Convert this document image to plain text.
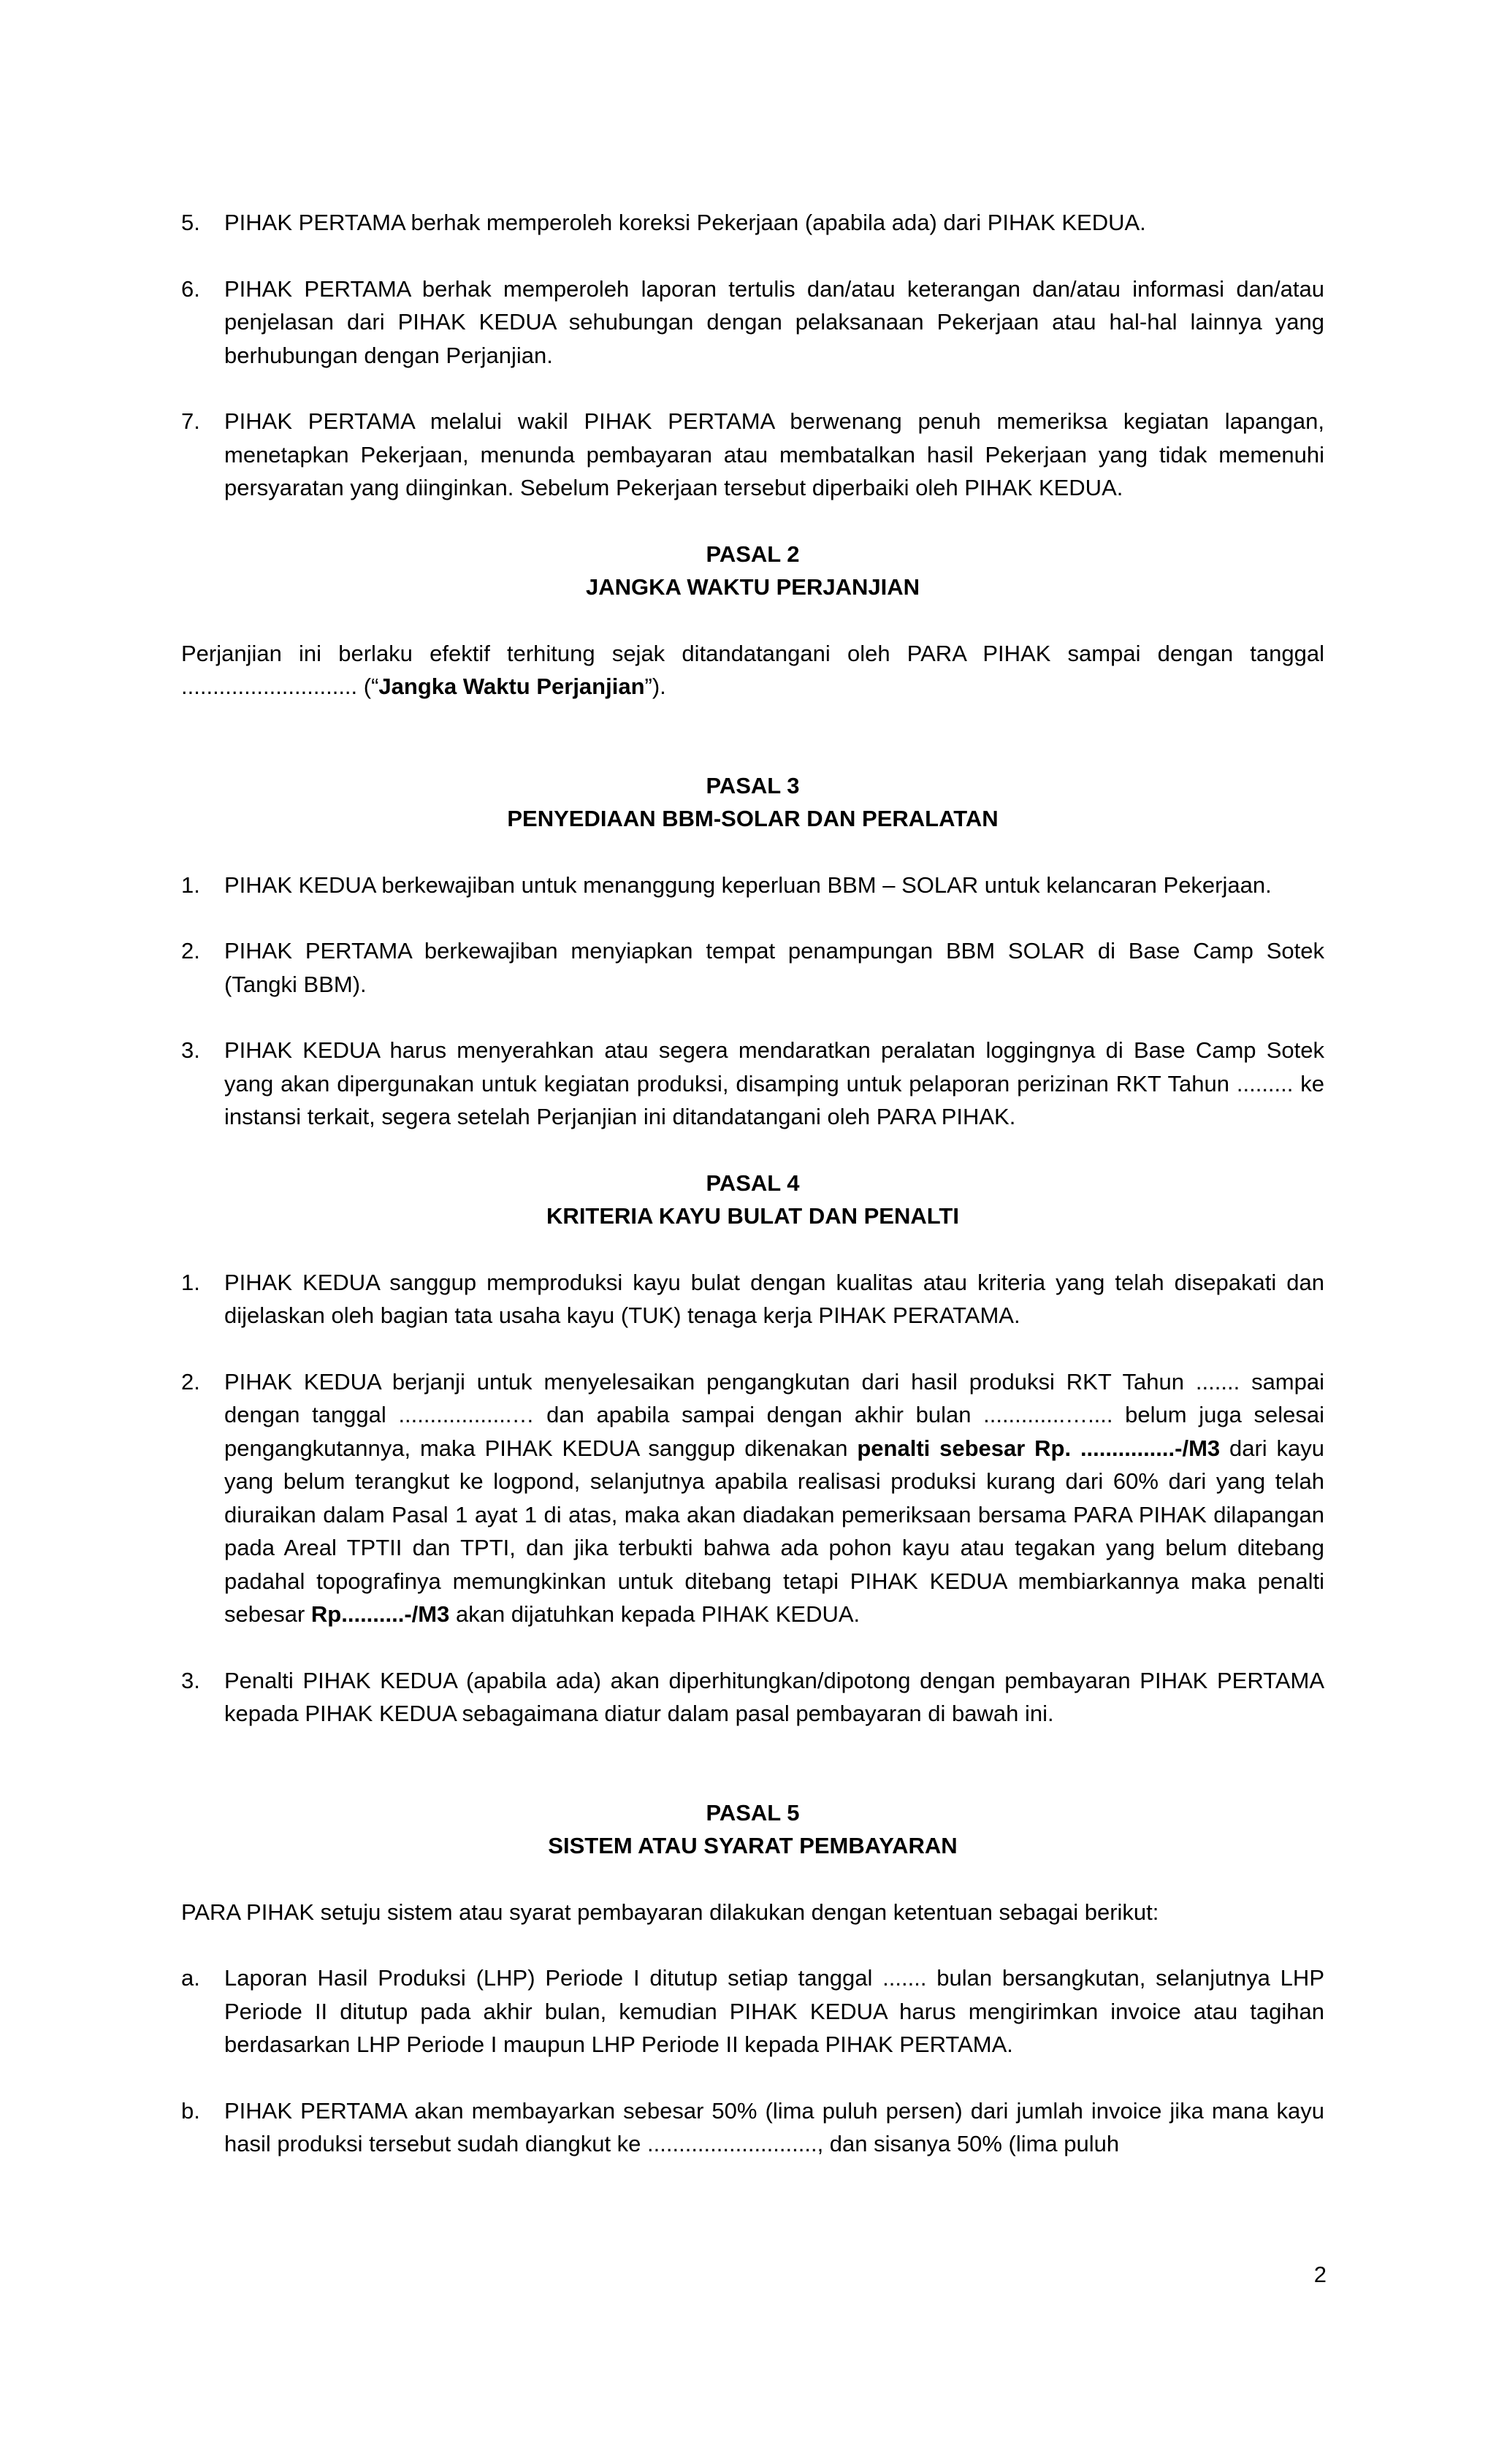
5.	PIHAK PERTAMA berhak memperoleh koreksi Pekerjaan (apabila ada) dari PIHAK KEDUA.
6.	PIHAK PERTAMA berhak memperoleh laporan tertulis dan/atau keterangan dan/atau informasi dan/atau penjelasan dari PIHAK KEDUA sehubungan dengan pelaksanaan Pekerjaan atau hal-hal lainnya yang berhubungan dengan Perjanjian.
7.	PIHAK PERTAMA melalui wakil PIHAK PERTAMA berwenang penuh memeriksa kegiatan lapangan, menetapkan Pekerjaan, menunda pembayaran atau membatalkan hasil Pekerjaan yang tidak memenuhi persyaratan yang diinginkan. Sebelum Pekerjaan tersebut diperbaiki oleh PIHAK KEDUA.
PASAL 2
JANGKA WAKTU PERJANJIAN
Perjanjian ini berlaku efektif terhitung sejak ditandatangani oleh PARA PIHAK sampai dengan tanggal ............................ (“Jangka Waktu Perjanjian”).
PASAL 3
PENYEDIAAN BBM-SOLAR DAN PERALATAN
1.	PIHAK KEDUA berkewajiban untuk menanggung keperluan BBM – SOLAR untuk kelancaran Pekerjaan.
2.	PIHAK PERTAMA berkewajiban menyiapkan tempat penampungan BBM SOLAR di Base Camp Sotek (Tangki BBM).
3.	PIHAK KEDUA harus menyerahkan atau segera mendaratkan peralatan loggingnya di Base Camp Sotek yang akan dipergunakan untuk kegiatan produksi, disamping untuk pelaporan perizinan RKT Tahun ......... ke instansi terkait, segera setelah Perjanjian ini ditandatangani oleh PARA PIHAK.
PASAL 4
KRITERIA KAYU BULAT DAN PENALTI
1.	PIHAK KEDUA sanggup memproduksi kayu bulat dengan kualitas atau kriteria yang telah disepakati dan dijelaskan oleh bagian tata usaha kayu (TUK) tenaga kerja PIHAK PERATAMA.
2.	PIHAK KEDUA berjanji untuk menyelesaikan pengangkutan dari hasil produksi RKT Tahun ....... sampai dengan tanggal ..................… dan apabila sampai dengan akhir bulan .............….... belum juga selesai pengangkutannya, maka PIHAK KEDUA sanggup dikenakan penalti sebesar Rp. ...............-/M3 dari kayu yang belum terangkut ke logpond, selanjutnya apabila realisasi produksi kurang dari 60% dari yang telah diuraikan dalam Pasal 1 ayat 1 di atas, maka akan diadakan pemeriksaan bersama PARA PIHAK dilapangan pada Areal TPTII dan TPTI, dan jika terbukti bahwa ada pohon kayu atau tegakan yang belum ditebang padahal topografinya memungkinkan untuk ditebang tetapi PIHAK KEDUA membiarkannya maka penalti sebesar Rp..........-/M3 akan dijatuhkan kepada PIHAK KEDUA.
3.	Penalti PIHAK KEDUA (apabila ada) akan diperhitungkan/dipotong dengan pembayaran PIHAK PERTAMA kepada PIHAK KEDUA sebagaimana diatur dalam pasal pembayaran di bawah ini.
PASAL 5
SISTEM ATAU SYARAT PEMBAYARAN
PARA PIHAK setuju sistem atau syarat pembayaran dilakukan dengan ketentuan sebagai berikut:
a.	Laporan Hasil Produksi (LHP) Periode I ditutup setiap tanggal ....... bulan bersangkutan, selanjutnya LHP Periode II ditutup pada akhir bulan, kemudian PIHAK KEDUA harus mengirimkan invoice atau tagihan berdasarkan LHP Periode I maupun LHP Periode II kepada PIHAK PERTAMA.
b.	PIHAK PERTAMA akan membayarkan sebesar 50% (lima puluh persen) dari jumlah invoice jika mana kayu hasil produksi tersebut sudah diangkut ke ..........................., dan sisanya 50% (lima puluh
2
